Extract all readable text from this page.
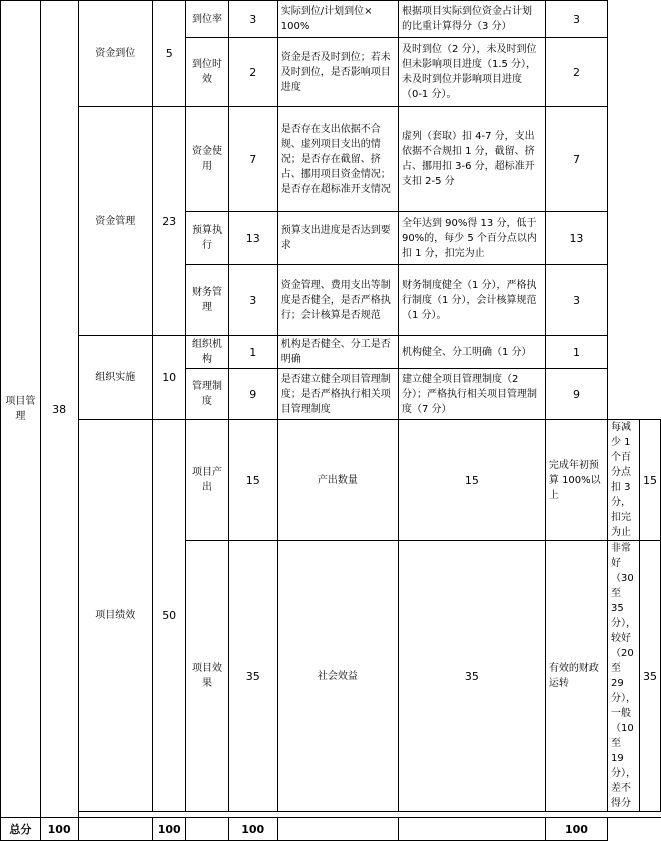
项目管理	38	资金到位	5	到位率	3	实际到位/计划到位× 100%	根据项目实际到位资金占计划的比重计算得分（3 分）	3		
				到位时效	2	资金是否及时到位；若未及时到位，是否影响项目进度	及时到位（2 分），未及时到位但未影响项目进度（1.5 分），未及时到位并影响项目进度（0-1 分）。	2		
		资金管理	23	资金使用	7	是否存在支出依据不合规、虚列项目支出的情况；是否存在截留、挤占、挪用项目资金情况；是否存在超标准开支情况	虚列（套取）扣 4-7 分，支出依据不合规扣 1 分，截留、挤占、挪用扣 3-6 分，超标准开支扣 2-5 分	7		
				预算执行	13	预算支出进度是否达到要求	全年达到 90%得 13 分，低于 90%的，每少 5 个百分点以内扣 1 分，扣完为止	13		
				财务管理	3	资金管理、费用支出等制度是否健全，是否严格执行；会计核算是否规范	财务制度健全（1 分），严格执行制度（1 分），会计核算规范（1 分）。	3		
		组织实施	10	组织机构	1	机构是否健全、分工是否明确	机构健全、分工明确（1 分）	1		
				管理制度	9	是否建立健全项目管理制度；是否严格执行相关项目管理制度	建立健全项目管理制度（2 分）；严格执行相关项目管理制度（7 分）	9		
		项目绩效	50	项目产出	15	产出数量	15	完成年初预算 100%以上	每减少 1 个百分点扣 3 分，扣完为止	15
				项目效果	35	社会效益	35	有效的财政运转	非常好（30 至 35 分），较好（20 至 29 分），一般（10 至 19 分），差不得分	35

总分	100		100		100			100		
